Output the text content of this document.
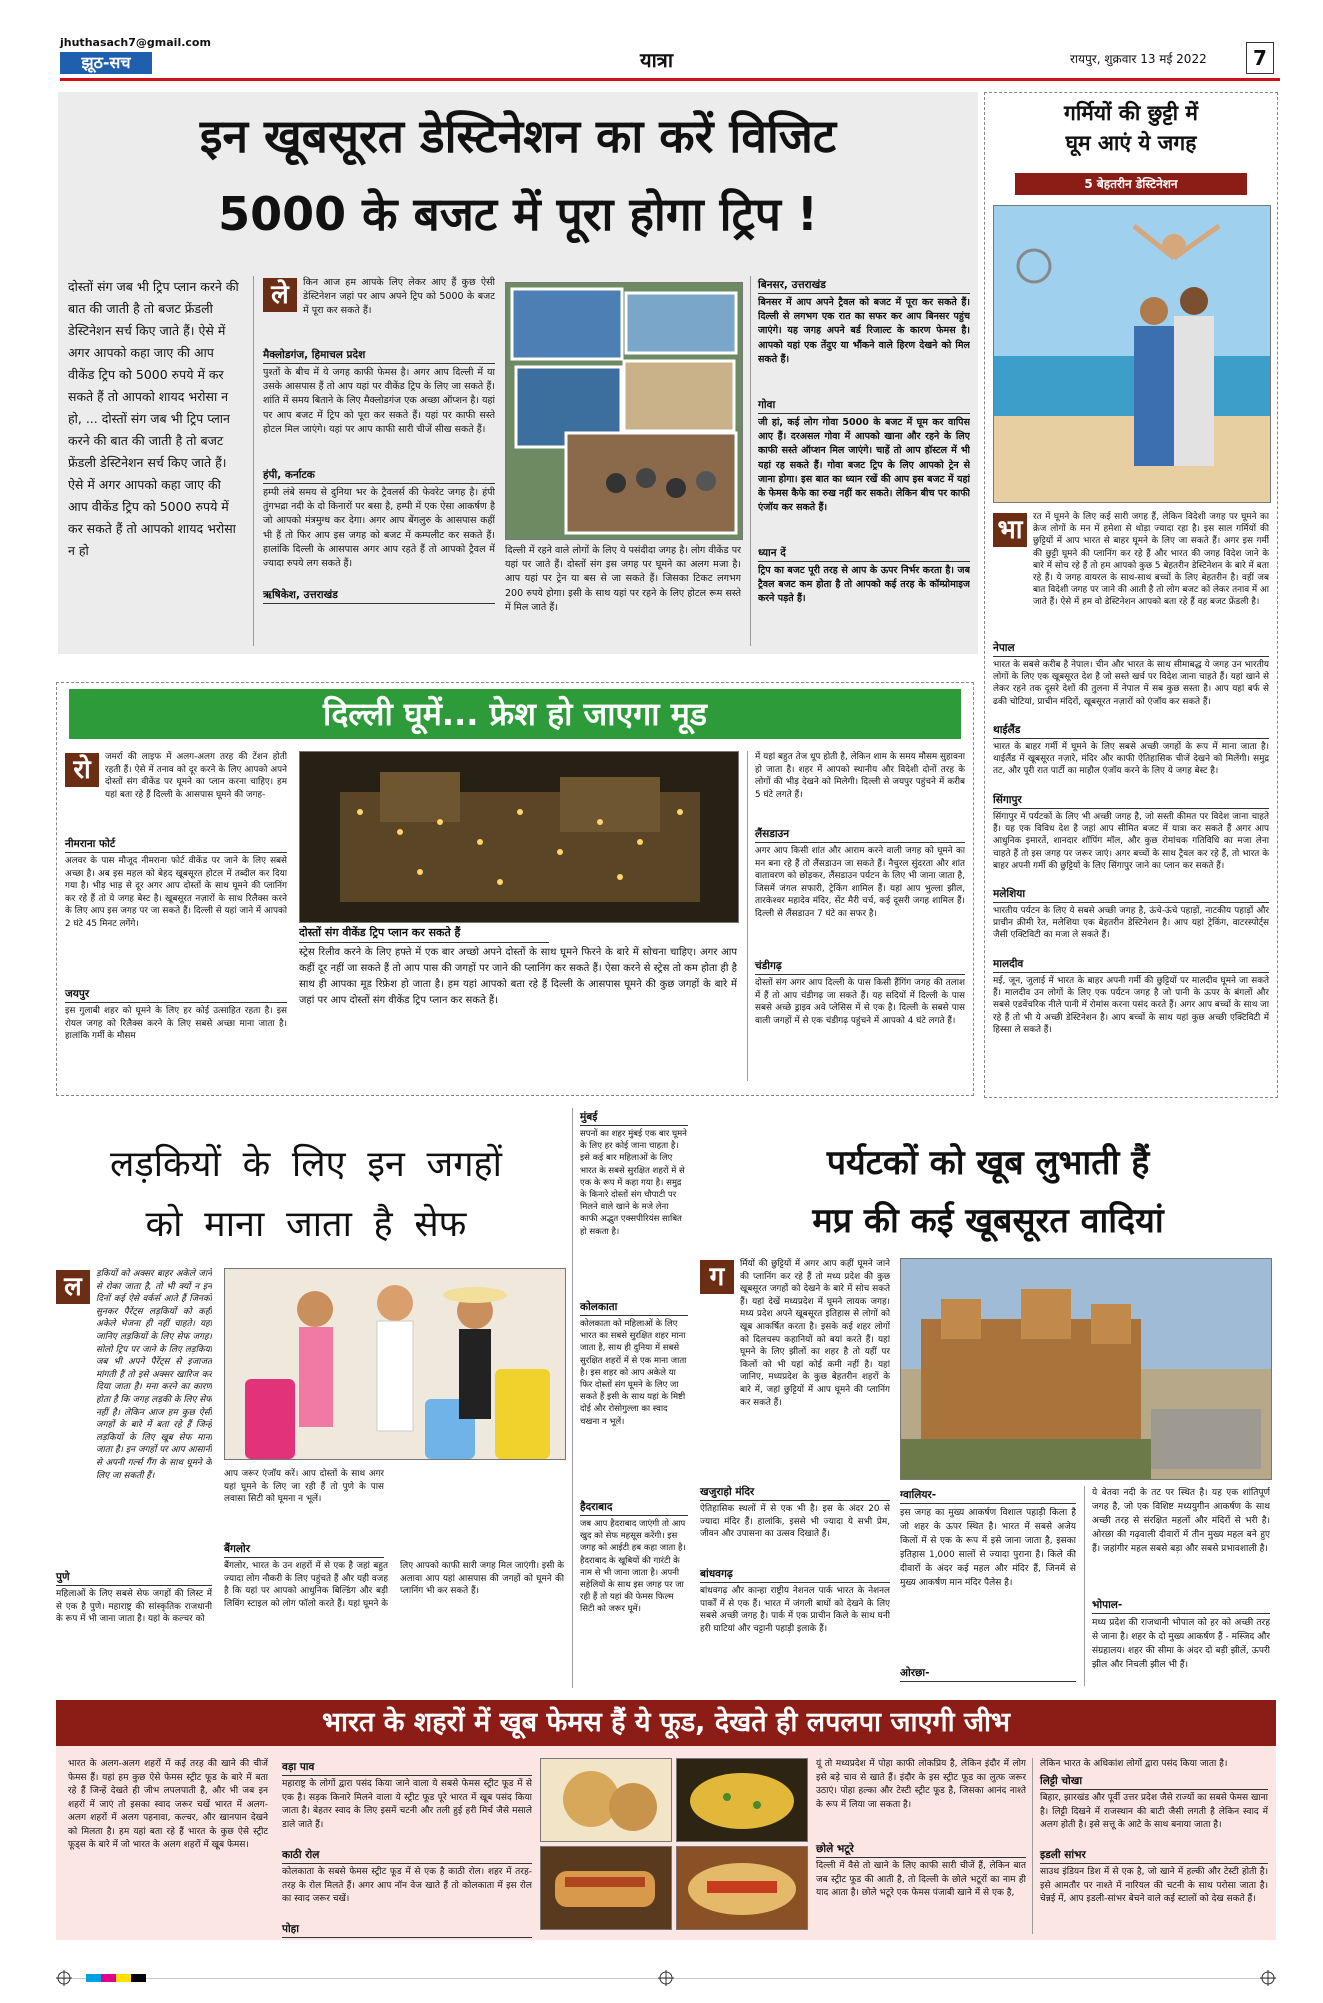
jhuthasach7@gmail.com
झूठ-सच	यात्रा	रायपुर, शुक्रवार 13 मई 2022	7
इन खूबसूरत डेस्टिनेशन का करें विजिट
5000 के बजट में पूरा होगा ट्रिप !
दोस्तों संग जब भी ट्रिप प्लान करने की बात की जाती है तो बजट फ्रेंडली डेस्टिनेशन सर्च किए जाते हैं। ऐसे में अगर आपको कहा जाए की आप वीकेंड ट्रिप को 5000 रुपये में कर सकते हैं तो आपको शायद भरोसा न हो, ... दोस्तों संग जब भी ट्रिप प्लान करने की बात की जाती है तो बजट फ्रेंडली डेस्टिनेशन सर्च किए जाते हैं। ऐसे में अगर आपको कहा जाए की आप वीकेंड ट्रिप को 5000 रुपये में कर सकते हैं तो आपको शायद भरोसा न हो
ले	किन आज हम आपके लिए लेकर आए हैं कुछ ऐसी डेस्टिनेशन जहां पर आप अपने ट्रिप को 5000 के बजट में पूरा कर सकते हैं।
मैक्लोडगंज, हिमाचल प्रदेश
पुश्तों के बीच में ये जगह काफी फेमस है। अगर आप दिल्ली में या उसके आसपास हैं तो आप यहां पर वीकेंड ट्रिप के लिए जा सकते हैं। शांति में समय बिताने के लिए मैक्लोडगंज एक अच्छा ऑप्शन है। यहां पर आप बजट में ट्रिप को पूरा कर सकते हैं। यहां पर काफी सस्ते होटल मिल जाएंगे। यहां पर आप काफी सारी चीजें सीख सकते हैं।
हंपी, कर्नाटक
हम्पी लंबे समय से दुनिया भर के ट्रैवलर्स की फेवरेट जगह है। हंपी तुंगभद्रा नदी के दो किनारों पर बसा है, हम्पी में एक ऐसा आकर्षण है जो आपको मंत्रमुग्ध कर देगा। अगर आप बेंगलुरु के आसपास कहीं भी हैं तो फिर आप इस जगह को बजट में कम्पलीट कर सकते हैं। हालांकि दिल्ली के आसपास अगर आप रहते हैं तो आपको ट्रैवल में ज्यादा रुपये लग सकते हैं।
ऋषिकेश, उत्तराखंड
दिल्ली में रहने वाले लोगों के लिए ये पसंदीदा जगह है। लोग वीकेंड पर यहां पर जाते हैं। दोस्तों संग इस जगह पर घूमने का अलग मजा है। आप यहां पर ट्रेन या बस से जा सकते हैं। जिसका टिकट लगभग 200 रुपये होगा। इसी के साथ यहां पर रहने के लिए होटल रूम सस्ते में मिल जाते हैं।
बिनसर, उत्तराखंड
बिनसर में आप अपने ट्रैवल को बजट में पूरा कर सकते हैं। दिल्ली से लगभग एक रात का सफर कर आप बिनसर पहुंच जाएंगे। यह जगह अपने बर्ड रिजाल्ट के कारण फेमस है। आपको यहां एक तेंदुए या भौंकने वाले हिरण देखने को मिल सकते हैं।
गोवा
जी हां, कई लोग गोवा 5000 के बजट में घूम कर वापिस आए हैं। दरअसल गोवा में आपको खाना और रहने के लिए काफी सस्ते ऑप्शन मिल जाएंगे। चाहें तो आप हॉस्टल में भी यहां रह सकते हैं। गोवा बजट ट्रिप के लिए आपको ट्रेन से जाना होगा। इस बात का ध्यान रखें की आप इस बजट में यहां के फेमस कैफे का रुख नहीं कर सकते। लेकिन बीच पर काफी एंजॉय कर सकते हैं।
ध्यान दें
ट्रिप का बजट पूरी तरह से आप के ऊपर निर्भर करता है। जब ट्रैवल बजट कम होता है तो आपको कई तरह के कॉम्प्रोमाइज करने पड़ते हैं।
गर्मियों की छुट्टी में
घूम आएं ये जगह
5 बेहतरीन डेस्टिनेशन
भा	रत में घूमने के लिए कई सारी जगह हैं, लेकिन विदेशी जगह पर घूमने का क्रेज लोगों के मन में हमेशा से थोड़ा ज्यादा रहा है। इस साल गर्मियों की छुट्टियों में आप भारत से बाहर घूमने के लिए जा सकते हैं। अगर इस गर्मी की छुट्टी घूमने की प्लानिंग कर रहे हैं और भारत की जगह विदेश जाने के बारे में सोच रहे हैं तो हम आपको कुछ 5 बेहतरीन डेस्टिनेशन के बारे में बता रहे हैं। ये जगह वायरल के साथ-साथ बच्चों के लिए बेहतरीन है। वहीं जब बात विदेशी जगह पर जाने की आती है तो लोग बजट को लेकर तनाव में आ जाते हैं। ऐसे में हम वो डेस्टिनेशन आपको बता रहे हैं वह बजट फ्रेंडली है।
नेपाल
भारत के सबसे करीब है नेपाल। चीन और भारत के साथ सीमाबद्ध ये जगह उन भारतीय लोगों के लिए एक खूबसूरत देश है जो सस्ते खर्च पर विदेश जाना चाहते हैं। यहां खाने से लेकर रहने तक दूसरे देशों की तुलना में नेपाल में सब कुछ सस्ता है। आप यहां बर्फ से ढकी चोटियां, प्राचीन मंदिरों, खूबसूरत नज़ारों को एंजॉय कर सकते हैं।
थाईलैंड
भारत के बाहर गर्मी में घूमने के लिए सबसे अच्छी जगहों के रूप में माना जाता है। थाईलैंड में खूबसूरत नज़ारे, मंदिर और काफी ऐतिहासिक चीजें देखने को मिलेंगी। समुद्र तट, और पूरी रात पार्टी का माहौल एंजॉय करने के लिए ये जगह बेस्ट है।
सिंगापुर
सिंगापुर में पर्यटकों के लिए भी अच्छी जगह है, जो सस्ती कीमत पर विदेश जाना चाहते हैं। यह एक विविध देश है जहां आप सीमित बजट में यात्रा कर सकते हैं अगर आप आधुनिक इमारतें, शानदार शॉपिंग मॉल, और कुछ रोमांचक गतिविधि का मजा लेना चाहते हैं तो इस जगह पर जरूर जाएं। अगर बच्चों के साथ ट्रैवल कर रहे हैं, तो भारत के बाहर अपनी गर्मी की छुट्टियों के लिए सिंगापुर जाने का प्लान कर सकते हैं।
मलेशिया
भारतीय पर्यटन के लिए ये सबसे अच्छी जगह है, ऊंचे-ऊंचे पहाड़ों, नाटकीय पहाड़ों और प्राचीन क्रीमी रेत, मलेशिया एक बेहतरीन डेस्टिनेशन है। आप यहां ट्रेकिंग, वाटरस्पोर्ट्स जैसी एक्टिविटी का मजा ले सकते हैं।
मालदीव
मई, जून, जुलाई में भारत के बाहर अपनी गर्मी की छुट्टियों पर मालदीव घूमने जा सकते हैं। मालदीव उन लोगों के लिए एक पर्यटन जगह है जो पानी के ऊपर के बंगलों और सबसे एडवेंचरिक नीले पानी में रोमांस करना पसंद करते हैं। अगर आप बच्चों के साथ जा रहे हैं तो भी ये अच्छी डेस्टिनेशन है। आप बच्चों के साथ यहां कुछ अच्छी एक्टिविटी में हिस्सा ले सकते हैं।
दिल्ली घूमें... फ्रेश हो जाएगा मूड
रो	जमर्रा की लाइफ में अलग-अलग तरह की टेंशन होती रहती हैं। ऐसे में तनाव को दूर करने के लिए आपको अपने दोस्तों संग वीकेंड पर घूमने का प्लान करना चाहिए। हम यहां बता रहे हैं दिल्ली के आसपास घूमने की जगह-
नीमराना फोर्ट
अलवर के पास मौजूद नीमराना फोर्ट वीकेंड पर जाने के लिए सबसे अच्छा है। अब इस महल को बेहद खूबसूरत होटल में तब्दील कर दिया गया है। भीड़ भाड़ से दूर अगर आप दोस्तों के साथ घूमने की प्लानिंग कर रहे हैं तो ये जगह बेस्ट है। खूबसूरत नज़ारों के साथ रिलैक्स करने के लिए आप इस जगह पर जा सकते हैं। दिल्ली से यहां जाने में आपको 2 घंटे 45 मिनट लगेंगे।
जयपुर
इस गुलाबी शहर को घूमने के लिए हर कोई उत्साहित रहता है। इस रोयल जगह को रिलैक्स करने के लिए सबसे अच्छा माना जाता है। हालांकि गर्मी के मौसम
दोस्तों संग वीकेंड ट्रिप प्लान कर सकते हैं
स्ट्रेस रिलीव करने के लिए हफ्ते में एक बार अच्छो अपने दोस्तों के साथ घूमने फिरने के बारे में सोचना चाहिए। अगर आप कहीं दूर नहीं जा सकते हैं तो आप पास की जगहों पर जाने की प्लानिंग कर सकते हैं। ऐसा करने से स्ट्रेस तो कम होता ही है साथ ही आपका मूड रिफ्रेश हो जाता है। हम यहां आपको बता रहे हैं दिल्ली के आसपास घूमने की कुछ जगहों के बारे में जहां पर आप दोस्तों संग वीकेंड ट्रिप प्लान कर सकते हैं।
में यहां बहुत तेज धूप होती है, लेकिन शाम के समय मौसम सुहावना हो जाता है। शहर में आपको स्थानीय और विदेशी दोनों तरह के लोगों की भीड़ देखने को मिलेगी। दिल्ली से जयपुर पहुंचने में करीब 5 घंटे लगते हैं।
लैंसडाउन
अगर आप किसी शांत और आराम करने वाली जगह को घूमने का मन बना रहे हैं तो लैंसडाउन जा सकते हैं। नैचुरल सुंदरता और शांत वातावरण को छोड़कर, लैंसडाउन पर्यटन के लिए भी जाना जाता है, जिसमें जंगल सफारी, ट्रेकिंग शामिल हैं। यहां आप भुल्ला झील, तारकेश्वर महादेव मंदिर, सेंट मैरी चर्च, कई दूसरी जगह शामिल हैं। दिल्ली से लैंसडाउन 7 घंटे का सफर है।
चंडीगढ़
दोस्तों संग अगर आप दिल्ली के पास किसी हैंगिंग जगह की तलाश में हैं तो आप चंडीगढ़ जा सकते हैं। यह सदियों में दिल्ली के पास सबसे अच्छे ड्राइव अवे प्लेसिस में से एक है। दिल्ली के सबसे पास वाली जगहों में से एक चंडीगढ़ पहुंचने में आपको 4 घंटे लगते हैं।
लड़कियों के लिए इन जगहों
को माना जाता है सेफ
ल	ड़कियों को अक्सर बाहर अकेले जाने से रोका जाता है, तो भी क्यों न इन दिनों कई ऐसे वर्कर्स आते हैं जिनको सुनकर पैरेंट्स लड़कियों को कहीं अकेले भेजना ही नहीं चाहते। यहां जानिए लड़कियों के लिए सेफ जगह। सोलो ट्रिप पर जाने के लिए लड़कियां जब भी अपने पैरेंट्स से इजाजत मांगती हैं तो इसे अक्सर खारिज कर दिया जाता है। मना करने का कारण होता है कि जगह लड़की के लिए सेफ नहीं है। लेकिन आज हम कुछ ऐसी जगहों के बारे में बता रहे हैं जिन्हें लड़कियों के लिए खूब सेफ माना जाता है। इन जगहों पर आप आसानी से अपनी गर्ल्स गैंग के साथ घूमने के लिए जा सकती हैं।
पुणे
महिलाओं के लिए सबसे सेफ जगहों की लिस्ट में से एक है पुणे। महाराष्ट्र की सांस्कृतिक राजधानी के रूप में भी जाना जाता है। यहां के कल्चर को
आप जरूर एंजॉय करें। आप दोस्तों के साथ अगर यहां घूमने के लिए जा रही हैं तो पुणे के पास लवासा सिटी को घूमना न भूलें।
बैंगलोर
बैंगलोर, भारत के उन शहरों में से एक है जहां बहुत ज्यादा लोग नौकरी के लिए पहुंचते हैं और यही वजह है कि यहां पर आपको आधुनिक बिल्डिंग और बड़ी लिविंग स्टाइल को लोग फॉलो करते हैं। यहां घूमने के लिए आपको काफी सारी जगह मिल जाएंगी। इसी के अलावा आप यहां आसपास की जगहों को घूमने की प्लानिंग भी कर सकते हैं।
मुंबई
सपनों का शहर मुंबई एक बार घूमने के लिए हर कोई जाना चाहता है। इसे कई बार महिलाओं के लिए भारत के सबसे सुरक्षित शहरों में से एक के रूप में कहा गया है। समुद्र के किनारे दोस्तों संग चौपाटी पर मिलने वाले खाने के मजे लेना काफी अद्भुत एक्सपीरियंस साबित हो सकता है।
कोलकाता
कोलकाता को महिलाओं के लिए भारत का सबसे सुरक्षित शहर माना जाता है, साथ ही दुनिया में सबसे सुरक्षित शहरों में से एक माना जाता है। इस शहर को आप अकेले या फिर दोस्तों संग घूमने के लिए जा सकते हैं इसी के साथ यहां के मिष्टी दोई और रोसोगुल्ला का स्वाद चखना न भूलें।
हैदराबाद
जब आप हैदराबाद जाएंगी तो आप खुद को सेफ महसूस करेंगी। इस जगह को आईटी हब कहा जाता है। हैदराबाद के खूबियों की गारंटी के नाम से भी जाना जाता है। अपनी सहेलियों के साथ इस जगह पर जा रही हैं तो यहां की फेमस फिल्म सिटी को जरूर घूमें।
पर्यटकों को खूब लुभाती हैं
मप्र की कई खूबसूरत वादियां
ग	र्मियों की छुट्टियों में अगर आप कहीं घूमने जाने की प्लानिंग कर रहे हैं तो मध्य प्रदेश की कुछ खूबसूरत जगहों को देखने के बारे में सोच सकते हैं। यहां देखें मध्यप्रदेश में घूमने लायक जगह। मध्य प्रदेश अपने खूबसूरत इतिहास से लोगों को खूब आकर्षित करता है। इसके कई शहर लोगों को दिलचस्प कहानियों को बयां करते हैं। यहां घूमने के लिए झीलों का शहर है तो यहीं पर किलों को भी यहां कोई कमी नहीं है। यहां जानिए, मध्यप्रदेश के कुछ बेहतरीन शहरों के बारे में, जहां छुट्टियों में आप घूमने की प्लानिंग कर सकते हैं।
खजुराहो मंदिर
ऐतिहासिक स्थलों में से एक भी है। इस के अंदर 20 से ज्यादा मंदिर हैं। हालांकि, इससे भी ज्यादा ये सभी प्रेम, जीवन और उपासना का उत्सव दिखाते हैं।
बांधवगढ़
बांधवगढ़ और कान्हा राष्ट्रीय नेशनल पार्क भारत के नेशनल पार्कों में से एक हैं। भारत में जंगली बाघों को देखने के लिए सबसे अच्छी जगह है। पार्क में एक प्राचीन किले के साथ घनी हरी घाटियां और चट्टानी पहाड़ी इलाके हैं।
ग्वालियर-
इस जगह का मुख्य आकर्षण विशाल पहाड़ी किला है जो शहर के ऊपर स्थित है। भारत में सबसे अजेय किलों में से एक के रूप में इसे जाना जाता है, इसका इतिहास 1,000 सालों से ज्यादा पुराना है। किले की दीवारों के अंदर कई महल और मंदिर हैं, जिनमें से मुख्य आकर्षण मान मंदिर पैलेस है।
ओरछा-
ये बेतवा नदी के तट पर स्थित है। यह एक शांतिपूर्ण जगह है, जो एक विशिष्ट मध्ययुगीन आकर्षण के साथ अच्छी तरह से संरक्षित महलों और मंदिरों से भरी है। ओरछा की गढ़वाली दीवारों में तीन मुख्य महल बने हुए हैं। जहांगीर महल सबसे बड़ा और सबसे प्रभावशाली है।
भोपाल-
मध्य प्रदेश की राजधानी भोपाल को हर को अच्छी तरह से जाना है। शहर के दो मुख्य आकर्षण हैं - मस्जिद और संग्रहालय। शहर की सीमा के अंदर दो बड़ी झीलें, ऊपरी झील और निचली झील भी हैं।
भारत के शहरों में खूब फेमस हैं ये फूड, देखते ही लपलपा जाएगी जीभ
भारत के अलग-अलग शहरों में कई तरह की खाने की चीजें फेमस हैं। यहां हम कुछ ऐसे फेमस स्ट्रीट फूड के बारे में बता रहे हैं जिन्हें देखते ही जीभ लपलपाती है, और भी जब इन शहरों में जाएं तो इसका स्वाद जरूर चखें भारत में अलग-अलग शहरों में अलग पहनावा, कल्चर, और खानपान देखने को मिलता है। हम यहां बता रहे हैं भारत के कुछ ऐसे स्ट्रीट फूड्स के बारे में जो भारत के अलग शहरों में खूब फेमस।
वड़ा पाव
महाराष्ट्र के लोगों द्वारा पसंद किया जाने वाला ये सबसे फेमस स्ट्रीट फूड में से एक है। सड़क किनारे मिलने वाला ये स्ट्रीट फूड पूरे भारत में खूब पसंद किया जाता है। बेहतर स्वाद के लिए इसमें चटनी और तली हुई हरी मिर्च जैसे मसाले डाले जाते हैं।
काठी रोल
कोलकाता के सबसे फेमस स्ट्रीट फूड में से एक है काठी रोल। शहर में तरह-तरह के रोल मिलते हैं। अगर आप नॉन वेज खाते हैं तो कोलकाता में इस रोल का स्वाद जरूर चखें।
पोहा
यूं तो मध्यप्रदेश में पोहा काफी लोकप्रिय है, लेकिन इंदौर में लोग इसे बड़े चाव से खाते हैं। इंदौर के इस स्ट्रीट फूड का लुत्फ जरूर उठाएं। पोहा हल्का और टेस्टी स्ट्रीट फूड है, जिसका आनंद नाश्ते के रूप में लिया जा सकता है।
छोले भटूरे
दिल्ली में वैसे तो खाने के लिए काफी सारी चीजें हैं, लेकिन बात जब स्ट्रीट फूड की आती है, तो दिल्ली के छोले भटूरों का नाम ही याद आता है। छोले भटूरे एक फेमस पंजाबी खाने में से एक है,
लेकिन भारत के अधिकांश लोगों द्वारा पसंद किया जाता है।
लिट्टी चोखा
बिहार, झारखंड और पूर्वी उत्तर प्रदेश जैसे राज्यों का सबसे फेमस खाना है। लिट्टी दिखने में राजस्थान की बाटी जैसी लगती है लेकिन स्वाद में अलग होती है। इसे सत्तू के आटे के साथ बनाया जाता है।
इडली सांभर
साउथ इंडियन डिश में से एक है, जो खाने में हल्की और टेस्टी होती है। इसे आमतौर पर नाश्ते में नारियल की चटनी के साथ परोसा जाता है। चेन्नई में, आप इडली-सांभर बेचने वाले कई स्टालों को देख सकते हैं।
